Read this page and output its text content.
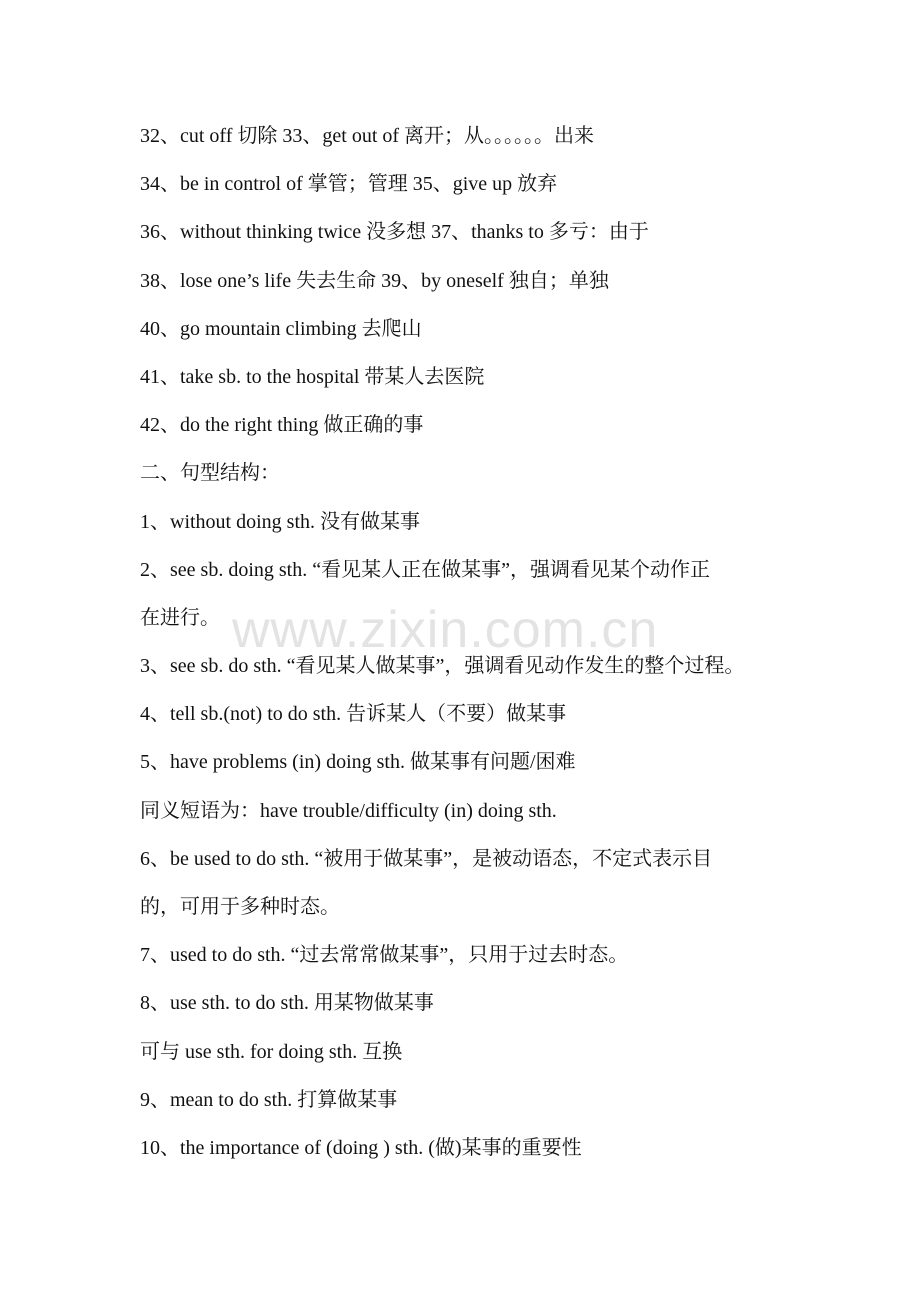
32、cut off 切除 33、get out of 离开；从。。。。。。出来
34、be in control of 掌管；管理 35、give up 放弃
36、without thinking twice 没多想 37、thanks to 多亏：由于
38、lose one’s life 失去生命 39、by oneself 独自；单独
40、go mountain climbing 去爬山
41、take sb. to the hospital 带某人去医院
42、do the right thing 做正确的事
二、句型结构：
1、without doing sth. 没有做某事
2、see sb. doing sth. “看见某人正在做某事”，强调看见某个动作正
在进行。
3、see sb. do sth. “看见某人做某事”，强调看见动作发生的整个过程。
4、tell sb.(not) to do sth. 告诉某人（不要）做某事
5、have problems (in) doing sth. 做某事有问题/困难
同义短语为：have trouble/difficulty (in) doing sth.
6、be used to do sth. “被用于做某事”，是被动语态，不定式表示目
的，可用于多种时态。
7、used to do sth. “过去常常做某事”，只用于过去时态。
8、use sth. to do sth. 用某物做某事
可与 use sth. for doing sth. 互换
9、mean to do sth. 打算做某事
10、the importance of (doing ) sth. (做)某事的重要性
www.zixin.com.cn
